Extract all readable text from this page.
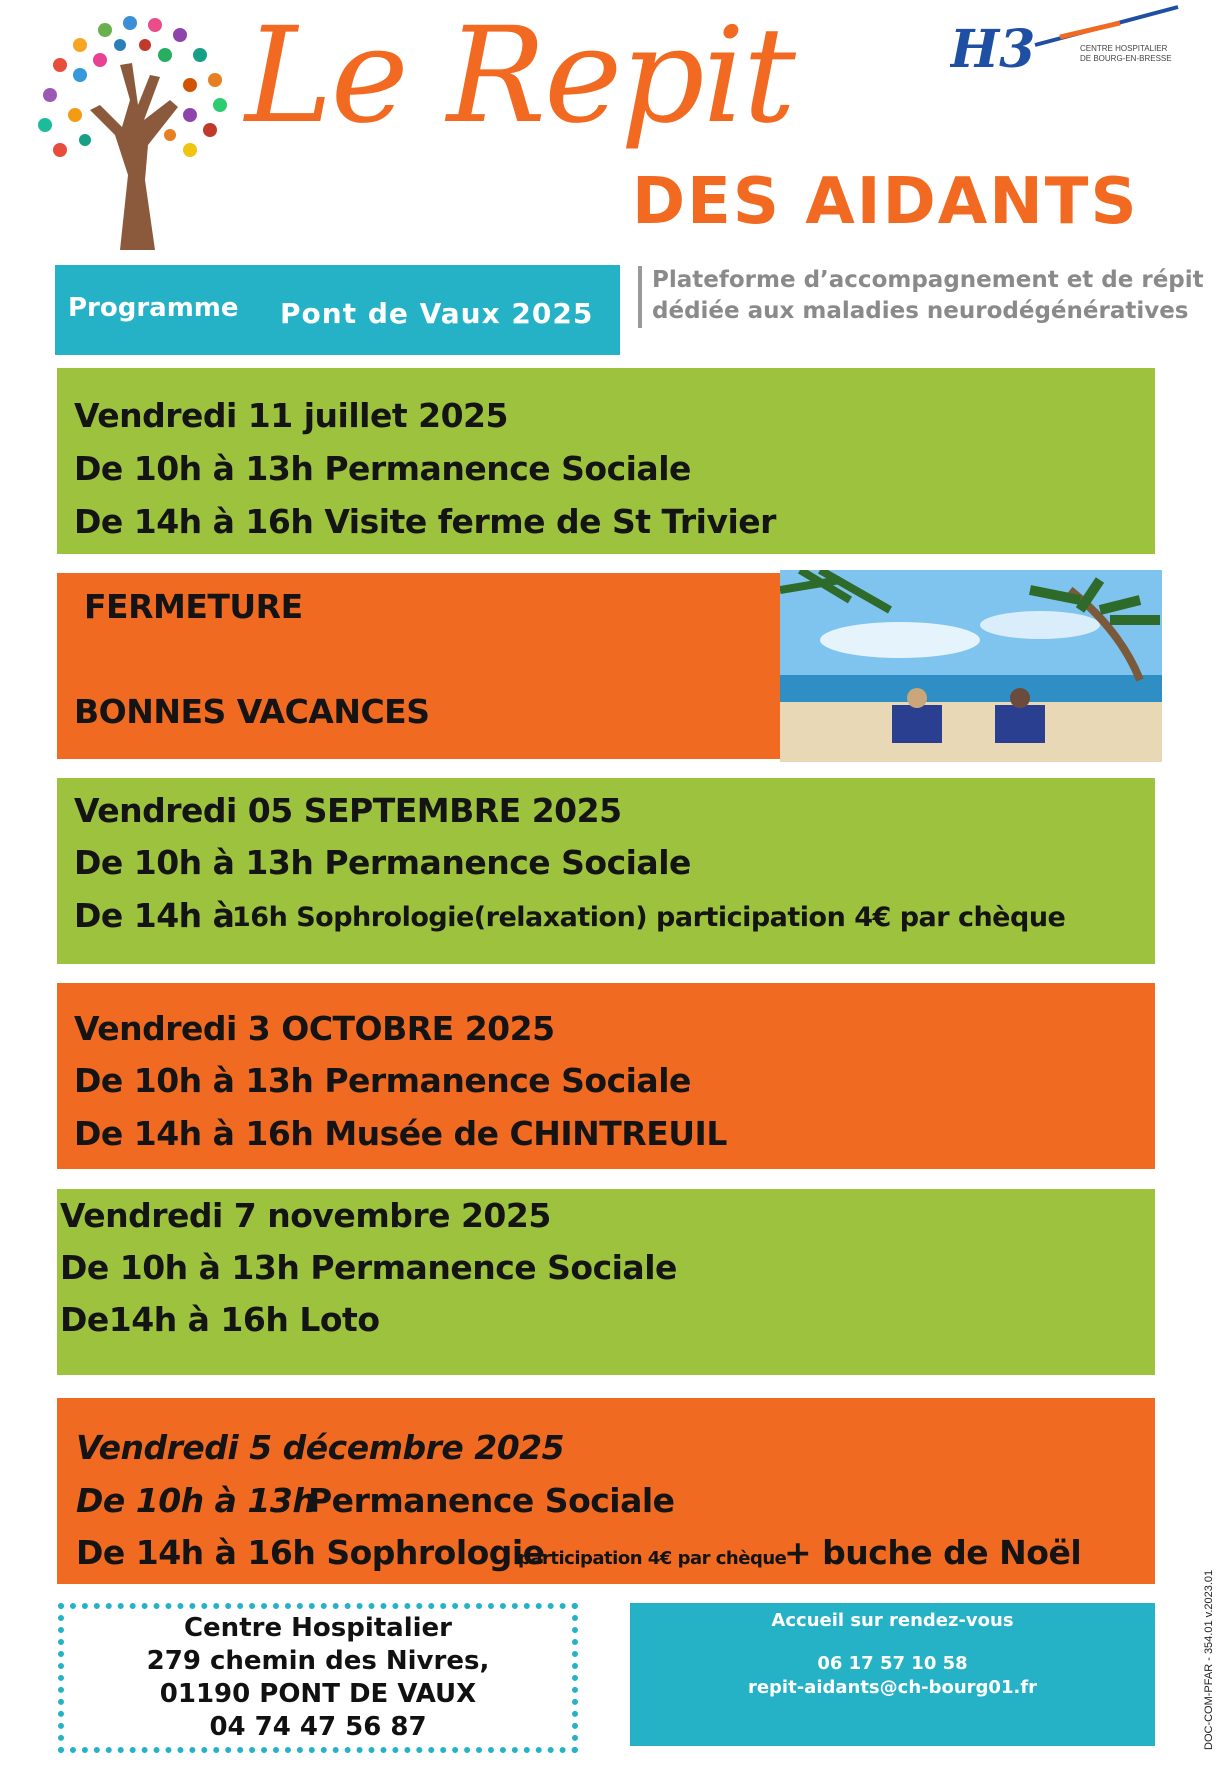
Le Repit
DES AIDANTS
H3	CENTRE HOSPITALIER
DE BOURG-EN-BRESSE
Programme Pont de Vaux 2025
Plateforme d’accompagnement et de répit
dédiée aux maladies neurodégénératives
Vendredi 11 juillet 2025
De 10h à 13h Permanence Sociale
De 14h à 16h Visite ferme de St Trivier
FERMETURE
BONNES VACANCES
Vendredi 05 SEPTEMBRE 2025
De 10h à 13h Permanence Sociale
De 14h à
16h Sophrologie(relaxation) participation 4€ par chèque
Vendredi 3 OCTOBRE 2025
De 10h à 13h Permanence Sociale
De 14h à 16h Musée de CHINTREUIL
Vendredi 7 novembre 2025
De 10h à 13h Permanence Sociale
De14h à 16h Loto
Vendredi 5 décembre 2025
De 10h à 13h
Permanence Sociale
De 14h à 16h Sophrologie
participation 4€ par chèque
+ buche de Noël
Centre Hospitalier
279 chemin des Nivres,
01190 PONT DE VAUX
04 74 47 56 87
Accueil sur rendez-vous
06 17 57 10 58
repit-aidants@ch-bourg01.fr	DOC-COM-PFAR - 354.01 v.2023.01
